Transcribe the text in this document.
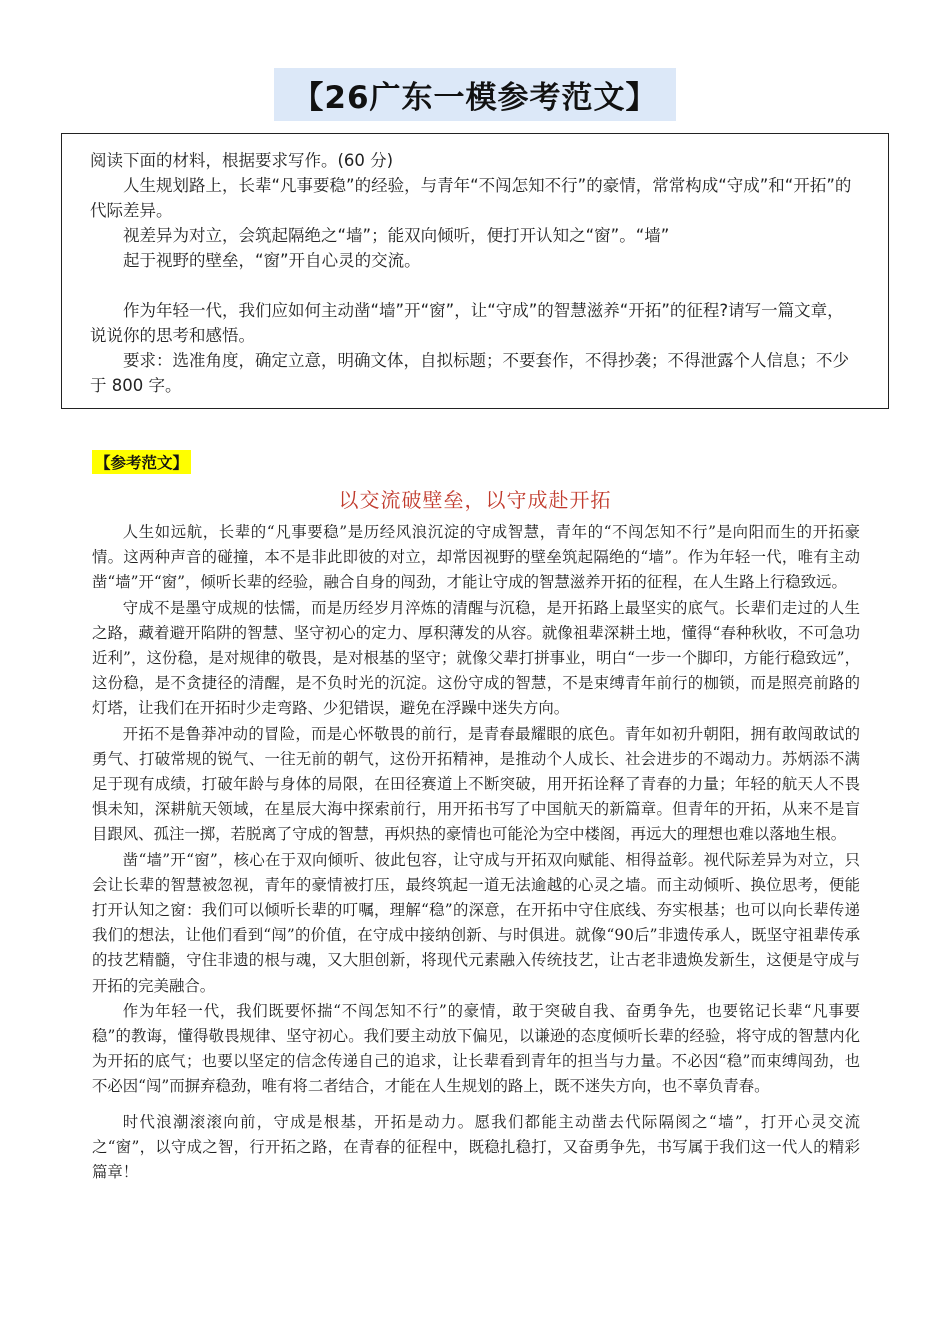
【26广东一模参考范文】

阅读下面的材料，根据要求写作。(60 分)

人生规划路上，长辈“凡事要稳”的经验，与青年“不闯怎知不行”的豪情，常常构成“守成”和“开拓”的代际差异。

视差异为对立，会筑起隔绝之“墙”；能双向倾听，便打开认知之“窗”。“墙”

起于视野的壁垒，“窗”开自心灵的交流。

作为年轻一代，我们应如何主动凿“墙”开“窗”，让“守成”的智慧滋养“开拓”的征程?请写一篇文章，说说你的思考和感悟。

要求：选准角度，确定立意，明确文体，自拟标题；不要套作，不得抄袭；不得泄露个人信息；不少于 800 字。

【参考范文】
以交流破壁垒，以守成赴开拓

人生如远航，长辈的“凡事要稳”是历经风浪沉淀的守成智慧，青年的“不闯怎知不行”是向阳而生的开拓豪情。这两种声音的碰撞，本不是非此即彼的对立，却常因视野的壁垒筑起隔绝的“墙”。作为年轻一代，唯有主动凿“墙”开“窗”，倾听长辈的经验，融合自身的闯劲，才能让守成的智慧滋养开拓的征程，在人生路上行稳致远。

守成不是墨守成规的怯懦，而是历经岁月淬炼的清醒与沉稳，是开拓路上最坚实的底气。长辈们走过的人生之路，藏着避开陷阱的智慧、坚守初心的定力、厚积薄发的从容。就像祖辈深耕土地，懂得“春种秋收，不可急功近利”，这份稳，是对规律的敬畏，是对根基的坚守；就像父辈打拼事业，明白“一步一个脚印，方能行稳致远”，这份稳，是不贪捷径的清醒，是不负时光的沉淀。这份守成的智慧，不是束缚青年前行的枷锁，而是照亮前路的灯塔，让我们在开拓时少走弯路、少犯错误，避免在浮躁中迷失方向。

开拓不是鲁莽冲动的冒险，而是心怀敬畏的前行，是青春最耀眼的底色。青年如初升朝阳，拥有敢闯敢试的勇气、打破常规的锐气、一往无前的朝气，这份开拓精神，是推动个人成长、社会进步的不竭动力。苏炳添不满足于现有成绩，打破年龄与身体的局限，在田径赛道上不断突破，用开拓诠释了青春的力量；年轻的航天人不畏惧未知，深耕航天领域，在星辰大海中探索前行，用开拓书写了中国航天的新篇章。但青年的开拓，从来不是盲目跟风、孤注一掷，若脱离了守成的智慧，再炽热的豪情也可能沦为空中楼阁，再远大的理想也难以落地生根。

凿“墙”开“窗”，核心在于双向倾听、彼此包容，让守成与开拓双向赋能、相得益彰。视代际差异为对立，只会让长辈的智慧被忽视，青年的豪情被打压，最终筑起一道无法逾越的心灵之墙。而主动倾听、换位思考，便能打开认知之窗：我们可以倾听长辈的叮嘱，理解“稳”的深意，在开拓中守住底线、夯实根基；也可以向长辈传递我们的想法，让他们看到“闯”的价值，在守成中接纳创新、与时俱进。就像“90后”非遗传承人，既坚守祖辈传承的技艺精髓，守住非遗的根与魂，又大胆创新，将现代元素融入传统技艺，让古老非遗焕发新生，这便是守成与开拓的完美融合。

作为年轻一代，我们既要怀揣“不闯怎知不行”的豪情，敢于突破自我、奋勇争先，也要铭记长辈“凡事要稳”的教诲，懂得敬畏规律、坚守初心。我们要主动放下偏见，以谦逊的态度倾听长辈的经验，将守成的智慧内化为开拓的底气；也要以坚定的信念传递自己的追求，让长辈看到青年的担当与力量。不必因“稳”而束缚闯劲，也不必因“闯”而摒弃稳劲，唯有将二者结合，才能在人生规划的路上，既不迷失方向，也不辜负青春。

时代浪潮滚滚向前，守成是根基，开拓是动力。愿我们都能主动凿去代际隔阂之“墙”，打开心灵交流之“窗”，以守成之智，行开拓之路，在青春的征程中，既稳扎稳打，又奋勇争先，书写属于我们这一代人的精彩篇章！
